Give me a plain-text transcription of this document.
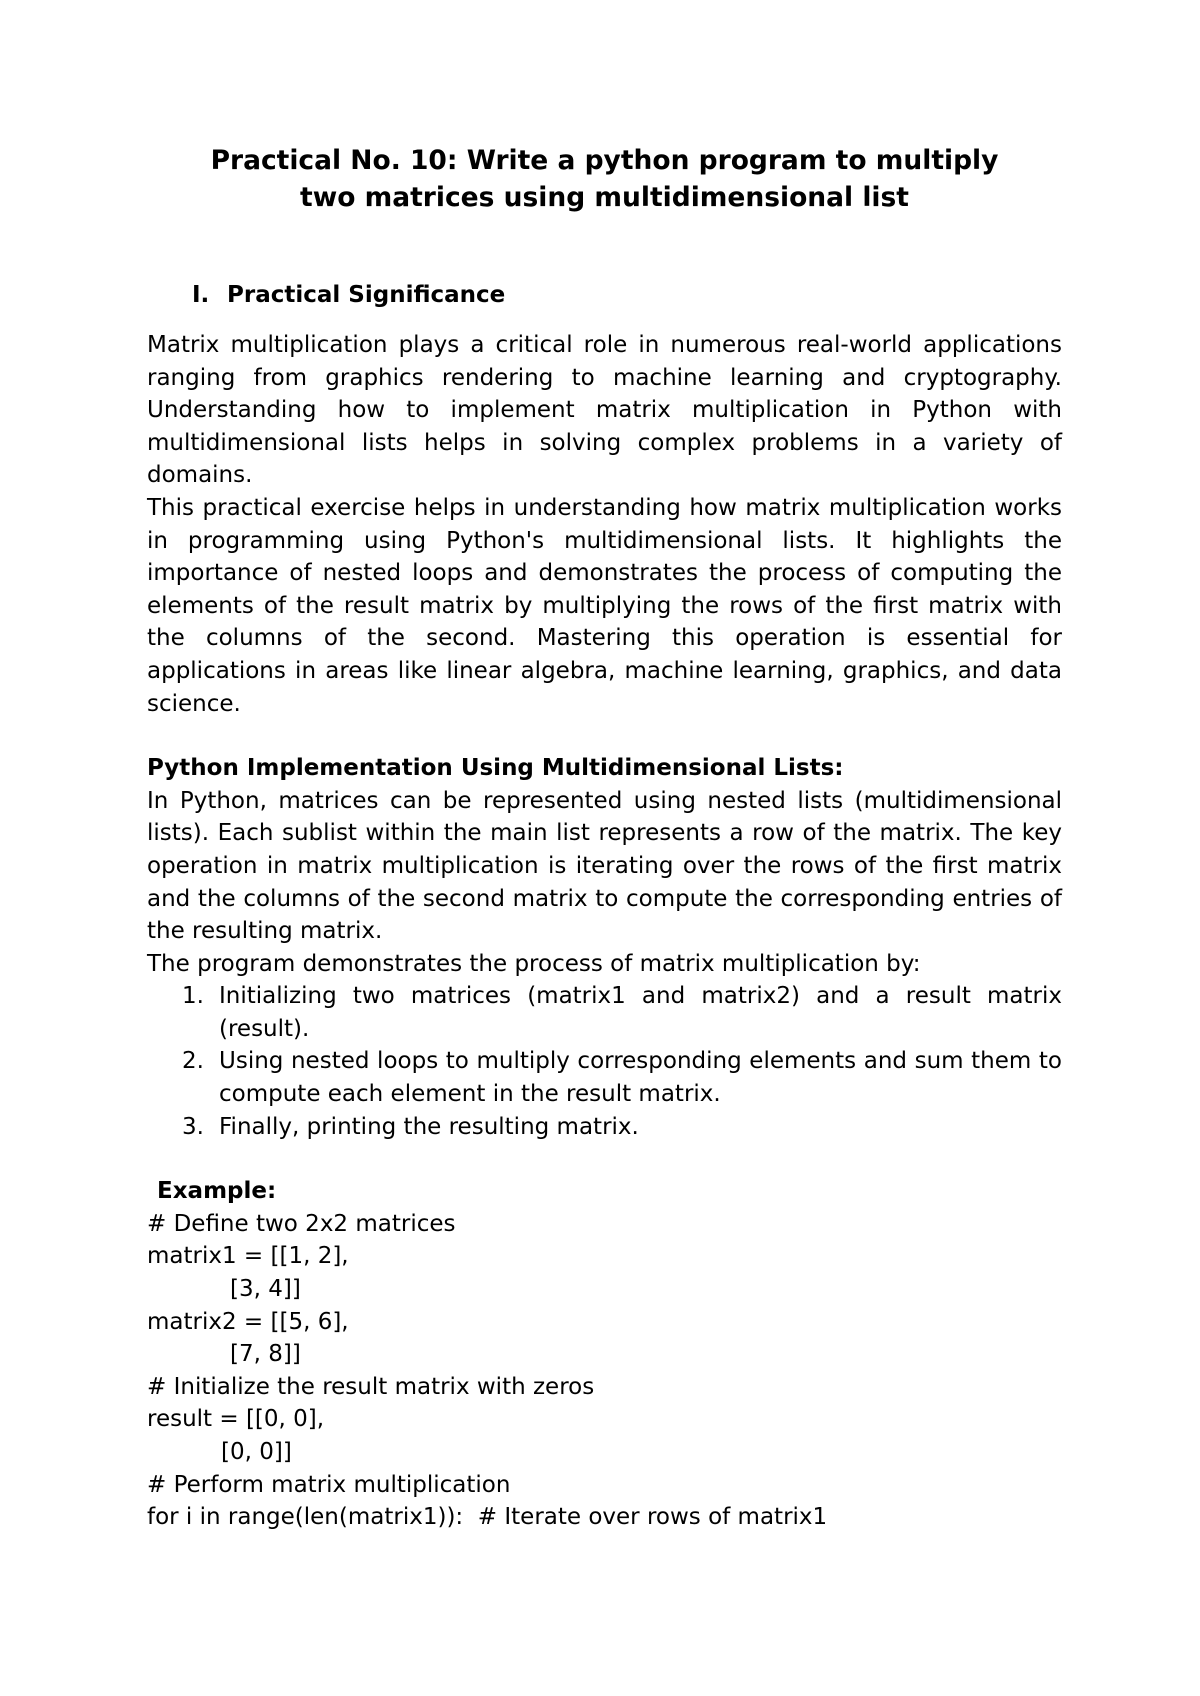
Practical No. 10: Write a python program to multiply
two matrices using multidimensional list
I. Practical Significance

Matrix multiplication plays a critical role in numerous real-world applications ranging from graphics rendering to machine learning and cryptography. Understanding how to implement matrix multiplication in Python with multidimensional lists helps in solving complex problems in a variety of domains.

This practical exercise helps in understanding how matrix multiplication works in programming using Python's multidimensional lists. It highlights the importance of nested loops and demonstrates the process of computing the elements of the result matrix by multiplying the rows of the first matrix with the columns of the second. Mastering this operation is essential for applications in areas like linear algebra, machine learning, graphics, and data science.

Python Implementation Using Multidimensional Lists:

In Python, matrices can be represented using nested lists (multidimensional lists). Each sublist within the main list represents a row of the matrix. The key operation in matrix multiplication is iterating over the rows of the first matrix and the columns of the second matrix to compute the corresponding entries of the resulting matrix.

The program demonstrates the process of matrix multiplication by:

1. Initializing two matrices (matrix1 and matrix2) and a result matrix (result).
2. Using nested loops to multiply corresponding elements and sum them to compute each element in the result matrix.
3. Finally, printing the resulting matrix.
Example:
# Define two 2x2 matrices
matrix1 = [[1, 2],
[3, 4]]
matrix2 = [[5, 6],
[7, 8]]
# Initialize the result matrix with zeros
result = [[0, 0],
[0, 0]]
# Perform matrix multiplication
for i in range(len(matrix1)):  # Iterate over rows of matrix1
